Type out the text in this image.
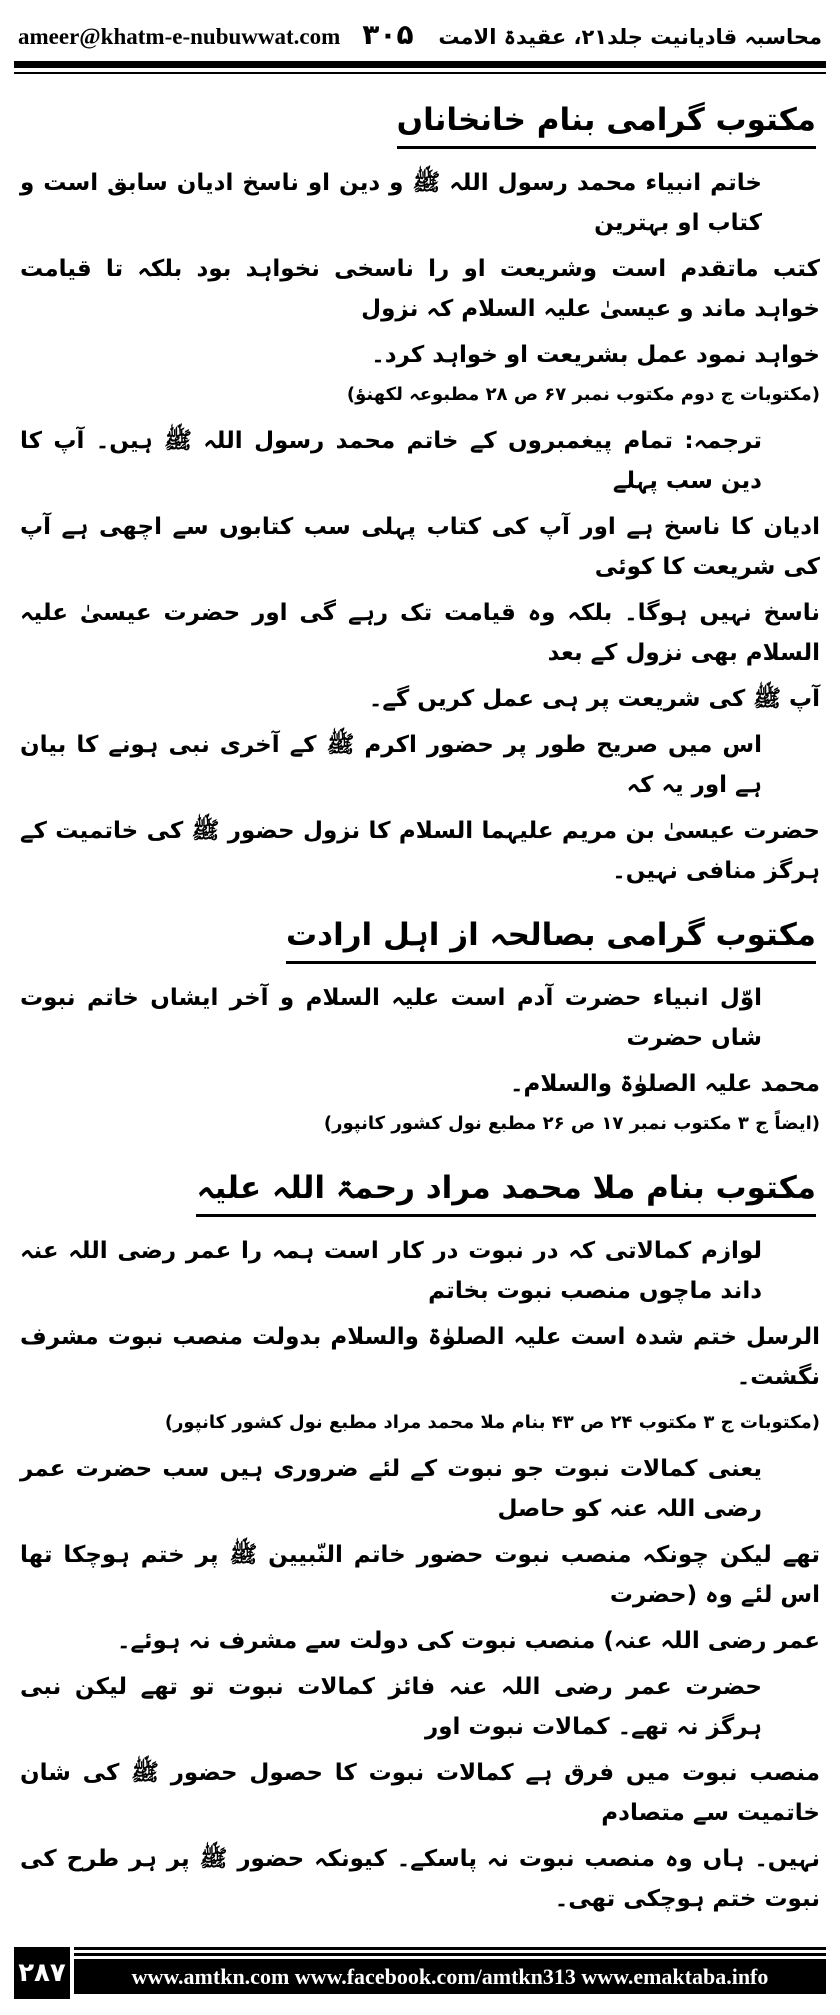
ameer@khatm-e-nubuwwat.com ۳۰۵ محاسبہ قادیانیت جلد۲۱، عقیدۃ الامت
مکتوب گرامی بنام خانخاناں
خاتم انبیاء محمد رسول اللہ ﷺ و دین او ناسخ ادیان سابق است و کتاب او بہترین
کتب ماتقدم است وشریعت او را ناسخی نخواہد بود بلکہ تا قیامت خواہد ماند و عیسیٰ علیہ السلام کہ نزول
خواہد نمود عمل بشریعت او خواہد کرد۔
(مکتوبات ج دوم مکتوب نمبر ۶۷ ص ۲۸ مطبوعہ لکھنؤ)
ترجمہ: تمام پیغمبروں کے خاتم محمد رسول اللہ ﷺ ہیں۔ آپ کا دین سب پہلے
ادیان کا ناسخ ہے اور آپ کی کتاب پہلی سب کتابوں سے اچھی ہے آپ کی شریعت کا کوئی
ناسخ نہیں ہوگا۔ بلکہ وہ قیامت تک رہے گی اور حضرت عیسیٰ علیہ السلام بھی نزول کے بعد
آپ ﷺ کی شریعت پر ہی عمل کریں گے۔
اس میں صریح طور پر حضور اکرم ﷺ کے آخری نبی ہونے کا بیان ہے اور یہ کہ
حضرت عیسیٰ بن مریم علیہما السلام کا نزول حضور ﷺ کی خاتمیت کے ہرگز منافی نہیں۔
مکتوب گرامی بصالحہ از اہل ارادت
اوّل انبیاء حضرت آدم است علیہ السلام و آخر ایشاں خاتم نبوت شاں حضرت
محمد علیہ الصلوٰۃ والسلام۔
(ایضاً ج ۳ مکتوب نمبر ۱۷ ص ۲۶ مطبع نول کشور کانپور)
مکتوب بنام ملا محمد مراد رحمۃ اللہ علیہ
لوازم کمالاتی کہ در نبوت در کار است ہمہ را عمر رضی اللہ عنہ داند ماچوں منصب نبوت بخاتم
الرسل ختم شدہ است علیہ الصلوٰۃ والسلام بدولت منصب نبوت مشرف نگشت۔
(مکتوبات ج ۳ مکتوب ۲۴ ص ۴۳ بنام ملا محمد مراد مطبع نول کشور کانپور)
یعنی کمالات نبوت جو نبوت کے لئے ضروری ہیں سب حضرت عمر رضی اللہ عنہ کو حاصل
تھے لیکن چونکہ منصب نبوت حضور خاتم النّبیین ﷺ پر ختم ہوچکا تھا اس لئے وہ (حضرت
عمر رضی اللہ عنہ) منصب نبوت کی دولت سے مشرف نہ ہوئے۔
حضرت عمر رضی اللہ عنہ فائز کمالات نبوت تو تھے لیکن نبی ہرگز نہ تھے۔ کمالات نبوت اور
منصب نبوت میں فرق ہے کمالات نبوت کا حصول حضور ﷺ کی شان خاتمیت سے متصادم
نہیں۔ ہاں وہ منصب نبوت نہ پاسکے۔ کیونکہ حضور ﷺ پر ہر طرح کی نبوت ختم ہوچکی تھی۔
۲۸۷	www.amtkn.com www.facebook.com/amtkn313 www.emaktaba.info
